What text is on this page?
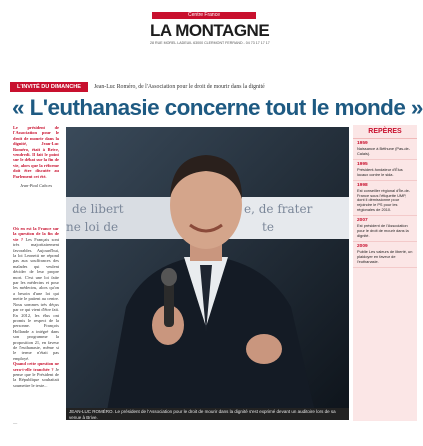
Centre France
LA MONTAGNE
28 RUE MOREL LADEUIL 63000 CLERMONT FERRAND - 04 73 17 17 17
L'INVITÉ DU DIMANCHE	Jean-Luc Roméro, de l'Association pour le droit de mourir dans la dignité
« L'euthanasie concerne tout le monde »
Le président de l'Association pour le droit de mourir dans la dignité, Jean-Luc Roméro, était à Brive, vendredi. Il fait le point sur le débat sur la fin de vie, alors que la réforme doit être discutée au Parlement cet été.
Jean-Paul Cahors
Où en est la France sur la question de la fin de vie ? Les Français sont très majoritairement favorables. Aujourd'hui, la loi Leonetti ne répond pas aux souffrances des malades qui veulent décider de leur propre mort. C'est une loi faite par les médecins et pour les médecins, alors qu'on a besoin d'une loi qui mette le patient au centre. Nous sommes très déçus par ce qui vient d'être fait. En 2012, les élus ont promis le respect de la personne. François Hollande a intégré dans son programme la proposition 21, en faveur de l'euthanasie, même si le terme n'était pas employé.
Quand cette question ne sera-t-elle tranchée ? Je pense que le Président de la République souhaitait soumettre le texte...
de libert
ne loi de
e, de frater
te
JEAN-LUC ROMÉRO. Le président de l'Association pour le droit de mourir dans la dignité s'est exprimé devant un auditoire lors de sa venue à Brive.
REPÈRES
1959
Naissance à Béthune (Pas-de-Calais).
1995
Président-fondateur d'Élus locaux contre le sida.
1998
Est conseiller régional d'Île-de-France sous l'étiquette UMP, dont il démissionne pour rejoindre le PS pour les régionales de 2010.
2007
Est président de l'Association pour le droit de mourir dans la dignité.
2009
Publie Les valeurs de liberté, un plaidoyer en faveur de l'euthanasie.
—
